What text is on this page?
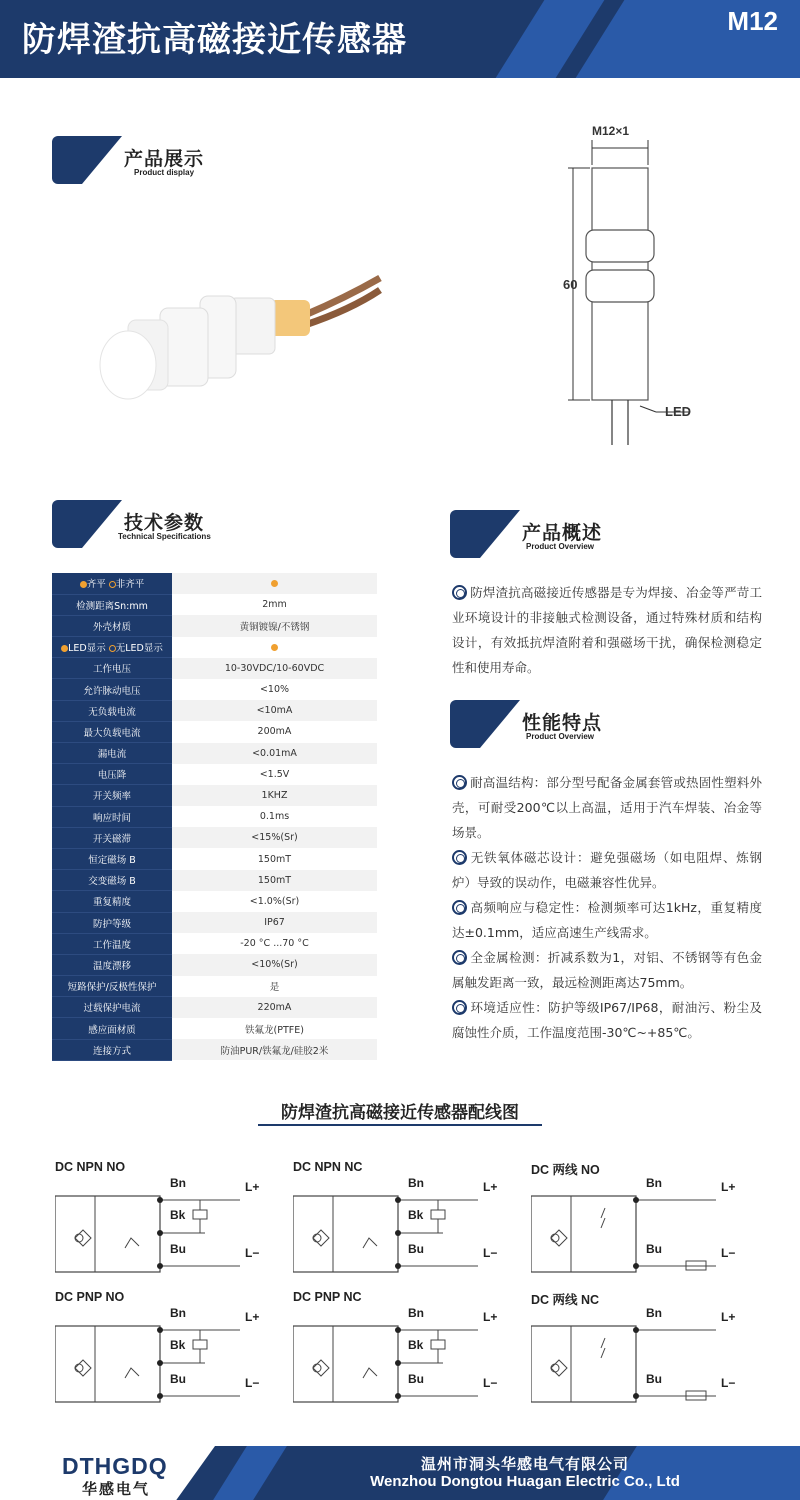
防焊渣抗高磁接近传感器	M12
产品展示
Product display
M12×1
60
LED
技术参数
Technical Specifications
齐平 非齐平	
检测距离Sn:mm	2mm
外壳材质	黄铜镀镍/不锈钢
LED显示 无LED显示	
工作电压	10-30VDC/10-60VDC
允许脉动电压	<10%
无负载电流	<10mA
最大负载电流	200mA
漏电流	<0.01mA
电压降	<1.5V
开关频率	1KHZ
响应时间	0.1ms
开关磁滞	<15%(Sr)
恒定磁场 B	150mT
交变磁场 B	150mT
重复精度	<1.0%(Sr)
防护等级	IP67
工作温度	-20 °C ...70 °C
温度漂移	<10%(Sr)
短路保护/反极性保护	是
过载保护电流	220mA
感应面材质	铁氟龙(PTFE)
连接方式	防油PUR/铁氟龙/硅胶2米
产品概述
Product Overview
防焊渣抗高磁接近传感器是专为焊接、冶金等严苛工业环境设计的非接触式检测设备，通过特殊材质和结构设计，有效抵抗焊渣附着和强磁场干扰，确保检测稳定性和使用寿命。
性能特点
Product Overview
耐高温结构：部分型号配备金属套管或热固性塑料外壳，可耐受200℃以上高温，适用于汽车焊装、冶金等场景。
无铁氧体磁芯设计：避免强磁场（如电阻焊、炼钢炉）导致的误动作，电磁兼容性优异。
高频响应与稳定性：检测频率可达1kHz，重复精度达±0.1mm，适应高速生产线需求。
全金属检测：折减系数为1，对铝、不锈钢等有色金属触发距离一致，最远检测距离达75mm。
环境适应性：防护等级IP67/IP68，耐油污、粉尘及腐蚀性介质，工作温度范围-30℃~+85℃。
防焊渣抗高磁接近传感器配线图
DC NPN NO
Bn
Bu
L+
L−
Bk
DC NPN NC
Bn
Bu
L+
L−
Bk
DC 两线 NO
Bn
Bu
L+
L−
DC PNP NO
Bn
Bu
L+
L−
Bk
DC PNP NC
Bn
Bu
L+
L−
Bk
DC 两线 NC
Bn
Bu
L+
L−
DTHGDQ
华感电气
温州市洞头华感电气有限公司
Wenzhou Dongtou Huagan Electric Co., Ltd
